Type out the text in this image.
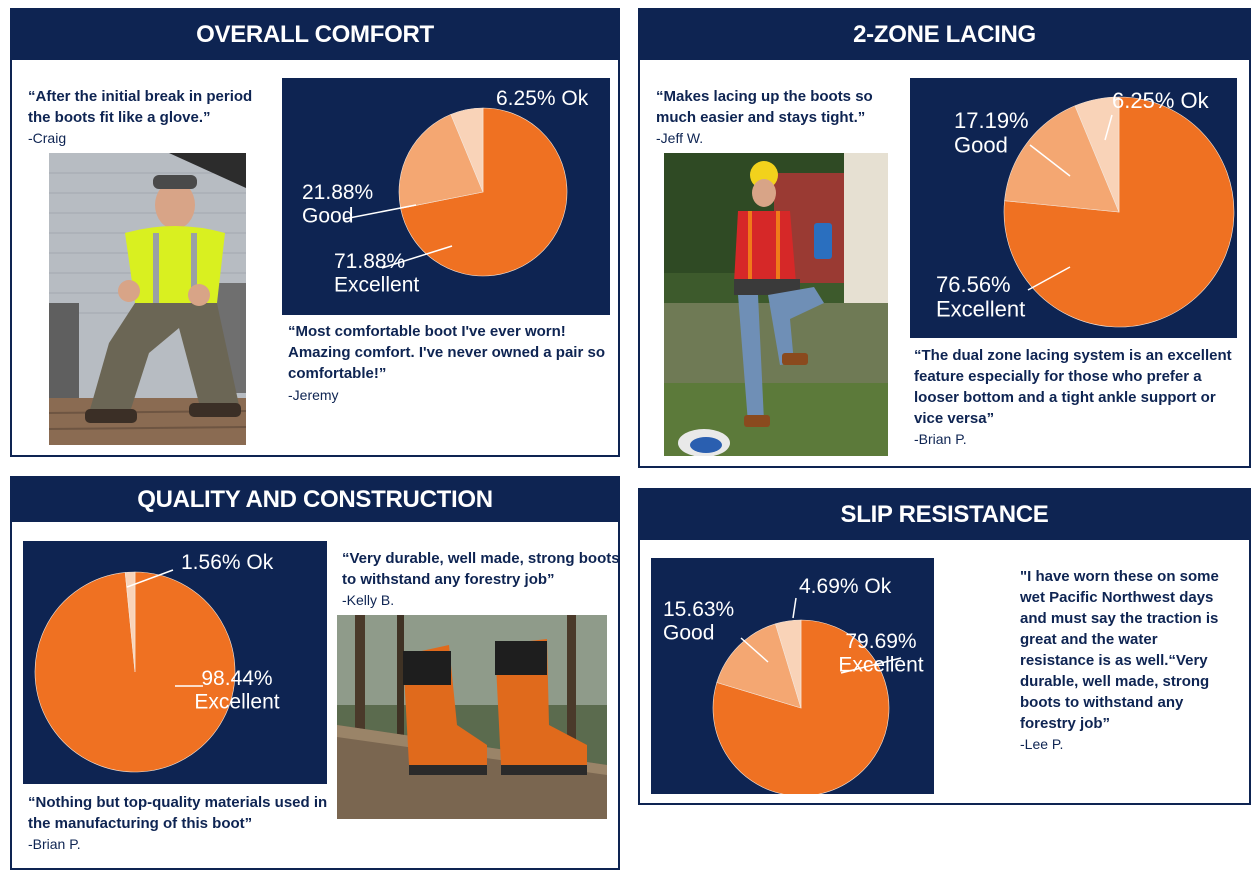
OVERALL COMFORT

“After the initial break in period the boots fit like a glove.”

-Craig

71.88% Excellent
21.88% Good
6.25% Ok

“Most comfortable boot I've ever worn! Amazing comfort. I've never owned a pair so comfortable!”

-Jeremy

2-ZONE LACING

“Makes lacing up the boots so much easier and stays tight.”

-Jeff W.

76.56% Excellent
17.19% Good
6.25% Ok

“The dual zone lacing system is an excellent feature especially for those who prefer a looser bottom and a tight ankle support or vice versa”

-Brian P.

QUALITY AND CONSTRUCTION
98.44% Excellent
1.56% Ok	“Very durable, well made, strong boots to withstand any forestry job”

-Kelly B.

“Nothing but top-quality materials used in the manufacturing of this boot”

-Brian P.

SLIP RESISTANCE
79.69% Excellent
15.63% Good
4.69% Ok	"I have worn these on some wet Pacific Northwest days and must say the traction is great and the water resistance is as well.“Very durable, well made, strong boots to withstand any forestry job”

-Lee P.
